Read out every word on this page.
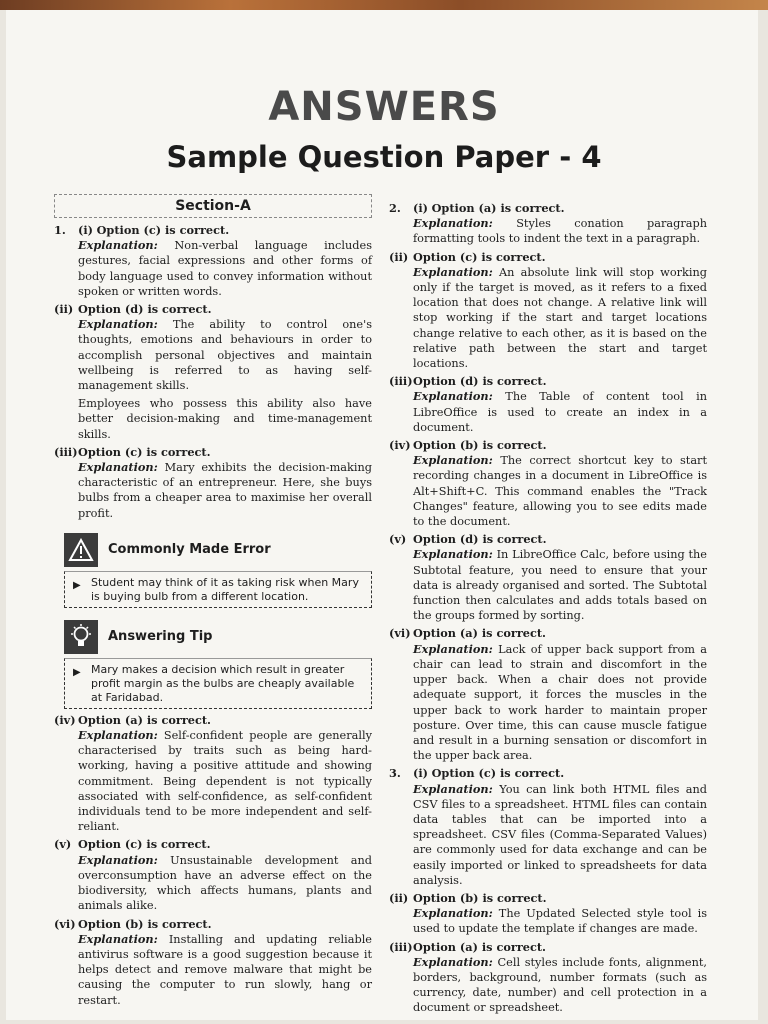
ANSWERS
Sample Question Paper - 4
Section-A
1.	(i) Option (c) is correct.
Explanation: Non-verbal language includes gestures, facial expressions and other forms of body language used to convey information without spoken or written words.
(ii) Option (d) is correct.
Explanation: The ability to control one's thoughts, emotions and behaviours in order to accomplish personal objectives and maintain wellbeing is referred to as having self-management skills.
Employees who possess this ability also have better decision-making and time-management skills.
(iii) Option (c) is correct.
Explanation: Mary exhibits the decision-making characteristic of an entrepreneur. Here, she buys bulbs from a cheaper area to maximise her overall profit.
Commonly Made Error
▶ Student may think of it as taking risk when Mary is buying bulb from a different location.
Answering Tip
▶ Mary makes a decision which result in greater profit margin as the bulbs are cheaply available at Faridabad.
(iv) Option (a) is correct.
Explanation: Self-confident people are generally characterised by traits such as being hard-working, having a positive attitude and showing commitment. Being dependent is not typically associated with self-confidence, as self-confident individuals tend to be more independent and self-reliant.
(v) Option (c) is correct.
Explanation: Unsustainable development and overconsumption have an adverse effect on the biodiversity, which affects humans, plants and animals alike.
(vi) Option (b) is correct.
Explanation: Installing and updating reliable antivirus software is a good suggestion because it helps detect and remove malware that might be causing the computer to run slowly, hang or restart.
2.	(i) Option (a) is correct.
Explanation: Styles conation paragraph formatting tools to indent the text in a paragraph.
(ii) Option (c) is correct.
Explanation: An absolute link will stop working only if the target is moved, as it refers to a fixed location that does not change. A relative link will stop working if the start and target locations change relative to each other, as it is based on the relative path between the start and target locations.
(iii) Option (d) is correct.
Explanation: The Table of content tool in LibreOffice is used to create an index in a document.
(iv) Option (b) is correct.
Explanation: The correct shortcut key to start recording changes in a document in LibreOffice is Alt+Shift+C. This command enables the "Track Changes" feature, allowing you to see edits made to the document.
(v) Option (d) is correct.
Explanation: In LibreOffice Calc, before using the Subtotal feature, you need to ensure that your data is already organised and sorted. The Subtotal function then calculates and adds totals based on the groups formed by sorting.
(vi) Option (a) is correct.
Explanation: Lack of upper back support from a chair can lead to strain and discomfort in the upper back. When a chair does not provide adequate support, it forces the muscles in the upper back to work harder to maintain proper posture. Over time, this can cause muscle fatigue and result in a burning sensation or discomfort in the upper back area.
3.	(i) Option (c) is correct.
Explanation: You can link both HTML files and CSV files to a spreadsheet. HTML files can contain data tables that can be imported into a spreadsheet. CSV files (Comma-Separated Values) are commonly used for data exchange and can be easily imported or linked to spreadsheets for data analysis.
(ii) Option (b) is correct.
Explanation: The Updated Selected style tool is used to update the template if changes are made.
(iii) Option (a) is correct.
Explanation: Cell styles include fonts, alignment, borders, background, number formats (such as currency, date, number) and cell protection in a document or spreadsheet.
